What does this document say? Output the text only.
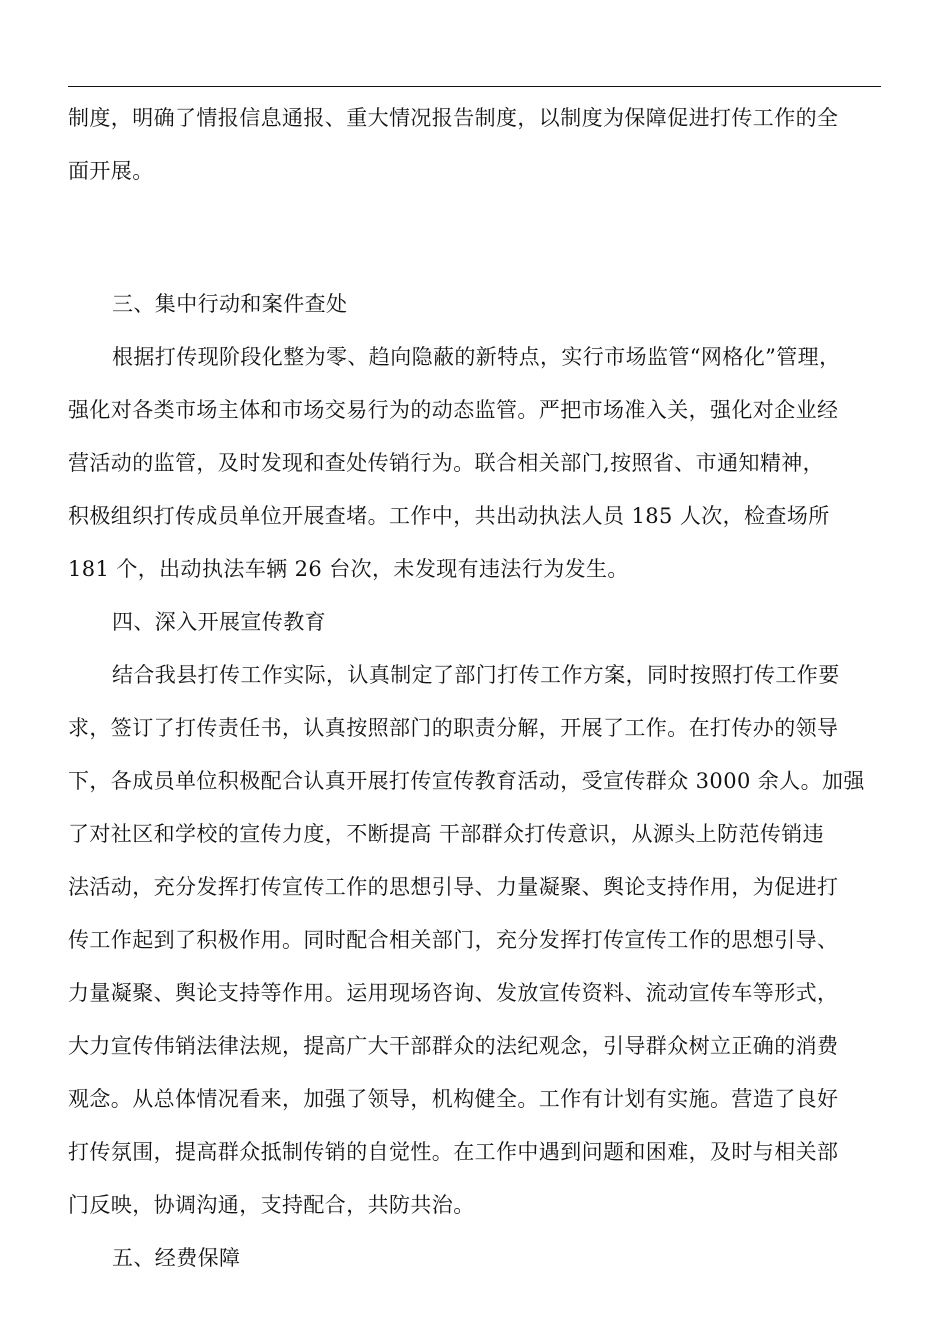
制度，明确了情报信息通报、重大情况报告制度，以制度为保障促进打传工作的全
面开展。
三、集中行动和案件查处
根据打传现阶段化整为零、趋向隐蔽的新特点，实行市场监管“网格化”管理，
强化对各类市场主体和市场交易行为的动态监管。严把市场准入关，强化对企业经
营活动的监管，及时发现和查处传销行为。联合相关部门,按照省、市通知精神，
积极组织打传成员单位开展查堵。工作中，共出动执法人员 185 人次，检查场所
181 个，出动执法车辆 26 台次，未发现有违法行为发生。
四、深入开展宣传教育
结合我县打传工作实际，认真制定了部门打传工作方案，同时按照打传工作要
求，签订了打传责任书，认真按照部门的职责分解，开展了工作。在打传办的领导
下，各成员单位积极配合认真开展打传宣传教育活动，受宣传群众 3000 余人。加强
了对社区和学校的宣传力度，不断提高 干部群众打传意识，从源头上防范传销违
法活动，充分发挥打传宣传工作的思想引导、力量凝聚、舆论支持作用，为促进打
传工作起到了积极作用。同时配合相关部门，充分发挥打传宣传工作的思想引导、
力量凝聚、舆论支持等作用。运用现场咨询、发放宣传资料、流动宣传车等形式，
大力宣传伟销法律法规，提高广大干部群众的法纪观念，引导群众树立正确的消费
观念。从总体情况看来，加强了领导，机构健全。工作有计划有实施。营造了良好
打传氛围，提高群众抵制传销的自觉性。在工作中遇到问题和困难，及时与相关部
门反映，协调沟通，支持配合，共防共治。
五、经费保障
